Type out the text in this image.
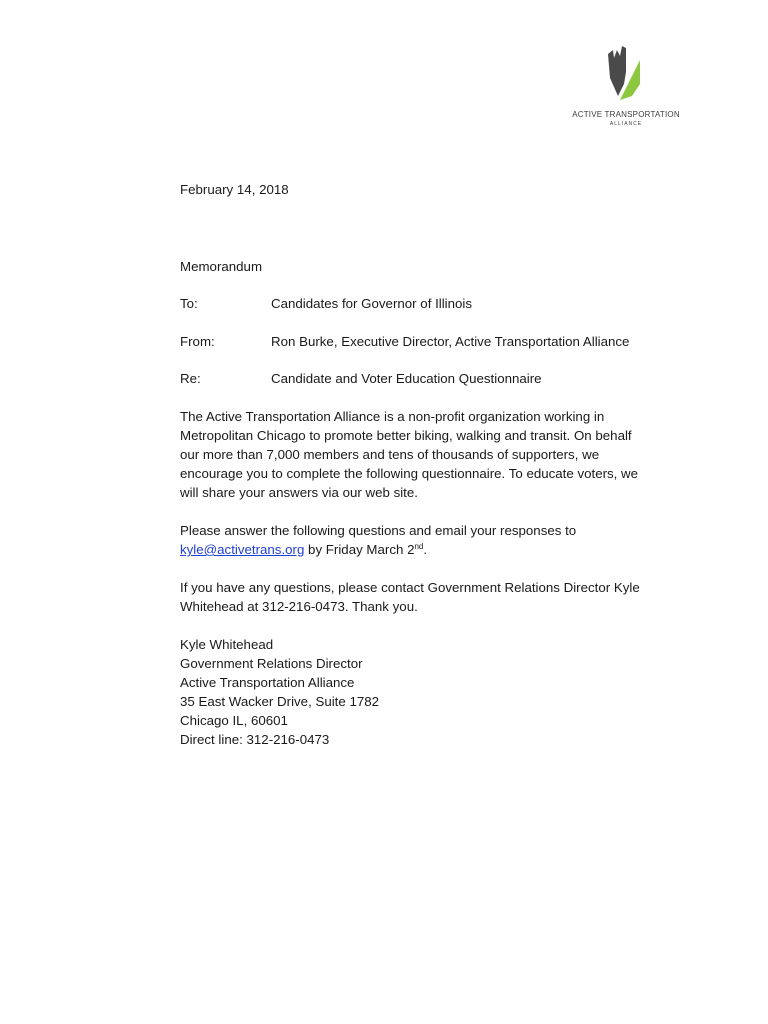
ACTIVE TRANSPORTATION
ALLIANCE
February 14, 2018
Memorandum
To:	Candidates for Governor of Illinois
From:	Ron Burke, Executive Director, Active Transportation Alliance
Re:	Candidate and Voter Education Questionnaire
The Active Transportation Alliance is a non-profit organization working in
Metropolitan Chicago to promote better biking, walking and transit. On behalf
our more than 7,000 members and tens of thousands of supporters, we
encourage you to complete the following questionnaire. To educate voters, we
will share your answers via our web site.
Please answer the following questions and email your responses to
kyle@activetrans.org by Friday March 2nd.
If you have any questions, please contact Government Relations Director Kyle
Whitehead at 312-216-0473. Thank you.
Kyle Whitehead
Government Relations Director
Active Transportation Alliance
35 East Wacker Drive, Suite 1782
Chicago IL, 60601
Direct line: 312-216-0473
